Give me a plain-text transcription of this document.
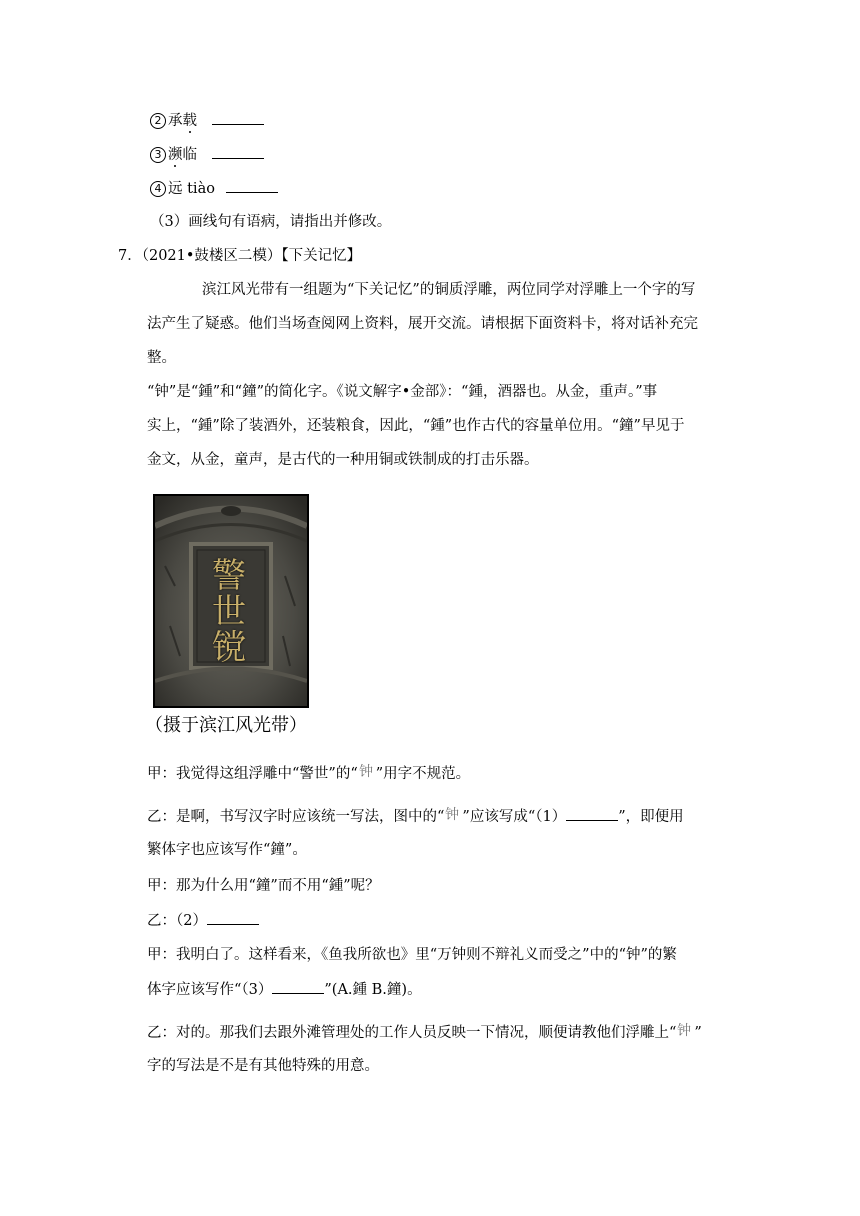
2 承载
3 濒临
4 远 tiào
（3）画线句有语病，请指出并修改。
7．（2021•鼓楼区二模）【下关记忆】
滨江风光带有一组题为“下关记忆”的铜质浮雕，两位同学对浮雕上一个字的写
法产生了疑惑。他们当场查阅网上资料，展开交流。请根据下面资料卡，将对话补充完
整。
“钟”是“鍾”和“鐘”的简化字。《说文解字•金部》：“鍾，酒器也。从金，重声。”事
实上，“鍾”除了装酒外，还装粮食，因此，“鍾”也作古代的容量单位用。“鐘”早见于
金文，从金，童声，是古代的一种用铜或铁制成的打击乐器。
警
世
镋
（摄于滨江风光带）
甲：我觉得这组浮雕中“警世”的“ 钟 ”用字不规范。
乙：是啊，书写汉字时应该统一写法，图中的“ 钟 ”应该写成“（1）	”，即便用
繁体字也应该写作“鐘”。
甲：那为什么用“鐘”而不用“鍾”呢？
乙：（2）
甲：我明白了。这样看来，《鱼我所欲也》里“万钟则不辩礼义而受之”中的“钟”的繁
体字应该写作“（3）	”(A.鍾 B.鐘)。
乙：对的。那我们去跟外滩管理处的工作人员反映一下情况，顺便请教他们浮雕上“ 钟 ”
字的写法是不是有其他特殊的用意。
